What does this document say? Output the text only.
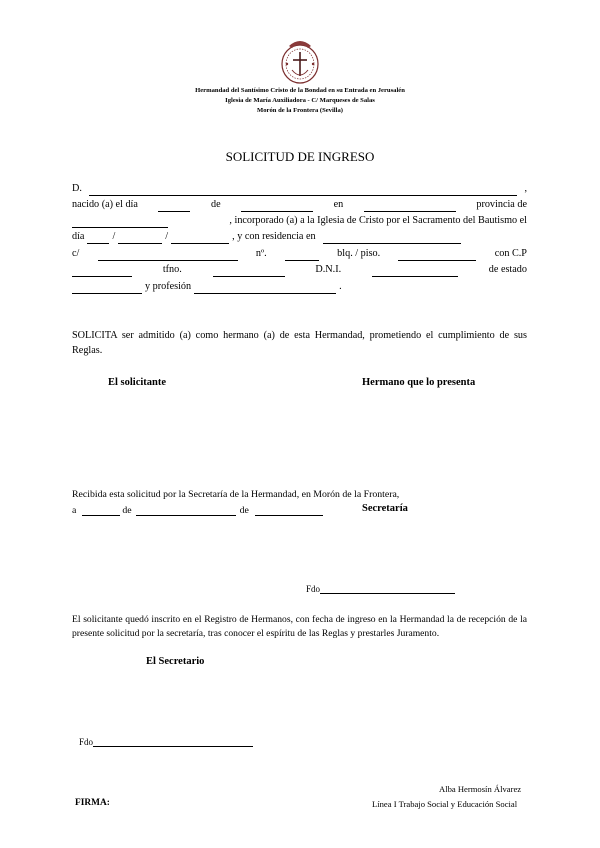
Hermandad del Santísimo Cristo de la Bondad en su Entrada en Jerusalén
Iglesia de María Auxiliadora - C/ Marqueses de Salas
Morón de la Frontera (Sevilla)
SOLICITUD DE INGRESO
D.	,
nacido (a) el día	de	en	provincia de
, incorporado (a) a la Iglesia de Cristo por el Sacramento del Bautismo el
día	/	/	, y con residencia en
c/	nº.	blq. / piso.	con C.P
tfno.	D.N.I.	de estado
y profesión	.
SOLICITA ser admitido (a) como hermano (a) de esta Hermandad, prometiendo el cumplimiento de sus Reglas.
El solicitante	Hermano que lo presenta
Recibida esta solicitud por la Secretaría de la Hermandad, en Morón de la Frontera,
a	de	de	Secretaría
Fdo
El solicitante quedó inscrito en el Registro de Hermanos, con fecha de ingreso en la Hermandad la de recepción de la presente solicitud por la secretaría, tras conocer el espíritu de las Reglas y prestarles Juramento.
El Secretario
Fdo
Alba Hermosín Álvarez
FIRMA:	Línea I Trabajo Social y Educación Social
